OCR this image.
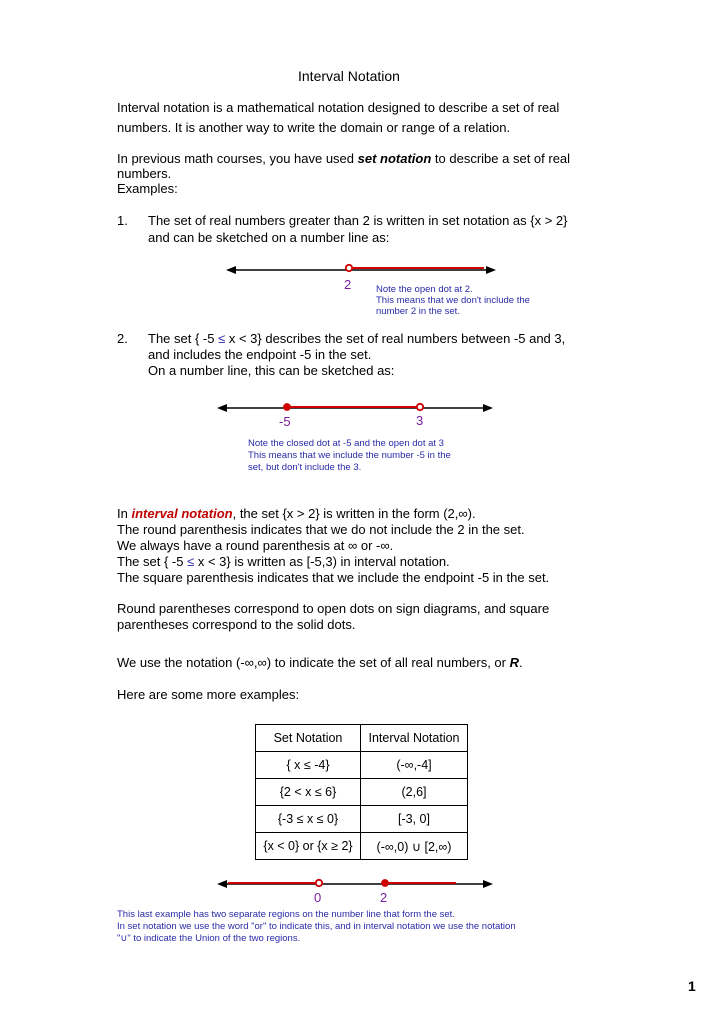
Interval Notation
Interval notation is a mathematical notation designed to describe a set of real
numbers. It is another way to write the domain or range of a relation.
In previous math courses, you have used set notation to describe a set of real
numbers.
Examples:
1. The set of real numbers greater than 2 is written in set notation as {x > 2}
and can be sketched on a number line as:
2	Note the open dot at 2.
This means that we don't include the
number 2 in the set.
2. The set { -5 ≤ x < 3} describes the set of real numbers between -5 and 3,
and includes the endpoint -5 in the set.
On a number line, this can be sketched as:
-5	3
Note the closed dot at -5 and the open dot at 3
This means that we include the number -5 in the
set, but don't include the 3.
In interval notation, the set {x > 2} is written in the form (2,∞).
The round parenthesis indicates that we do not include the 2 in the set.
We always have a round parenthesis at ∞ or -∞.
The set { -5 ≤ x < 3} is written as [-5,3) in interval notation.
The square parenthesis indicates that we include the endpoint -5 in the set.
Round parentheses correspond to open dots on sign diagrams, and square
parentheses correspond to the solid dots.
We use the notation (-∞,∞) to indicate the set of all real numbers, or R.
Here are some more examples:
Set Notation	Interval Notation
{ x ≤ -4}	(-∞,-4]
{2 < x ≤ 6}	(2,6]
{-3 ≤ x ≤ 0}	[-3, 0]
{x < 0} or {x ≥ 2}	(-∞,0) ∪ [2,∞)
0	2
This last example has two separate regions on the number line that form the set.
In set notation we use the word "or" to indicate this, and in interval notation we use the notation
"∪" to indicate the Union of the two regions.
1
